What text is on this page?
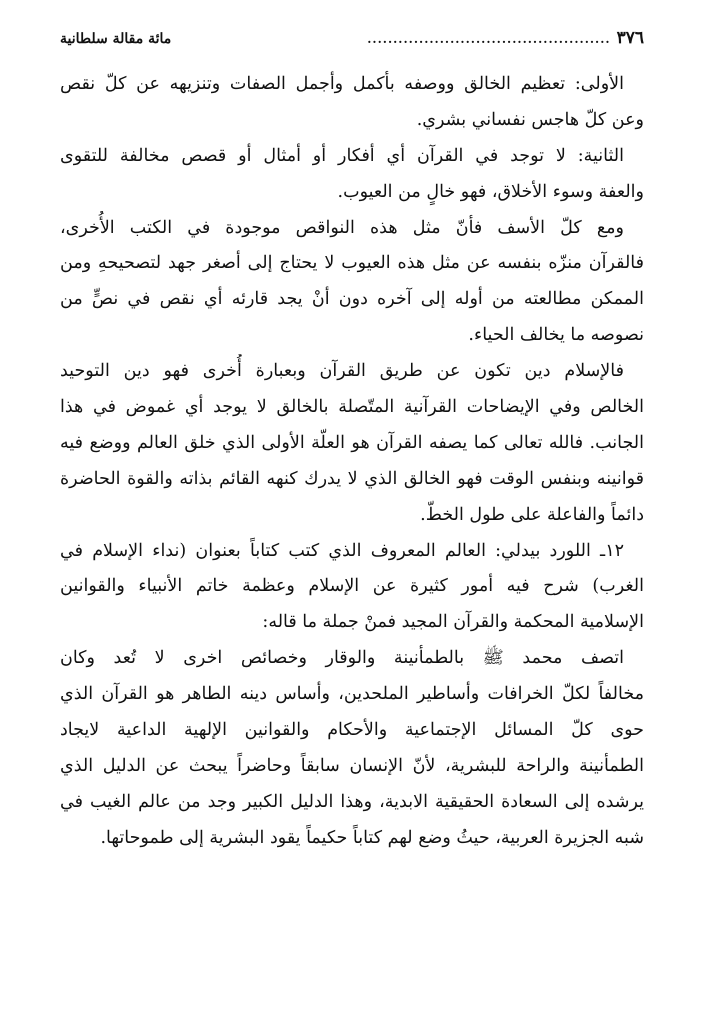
٣٧٦
...............................................
مائة مقالة سلطانية
الأولى: تعظيم الخالق ووصفه بأكمل وأجمل الصفات وتنزيهه عن كلّ نقص
وعن كلّ هاجس نفساني بشري.
الثانية: لا توجد في القرآن أي أفكار أو أمثال أو قصص مخالفة للتقوى
والعفة وسوء الأخلاق، فهو خالٍ من العيوب.
ومع كلّ الأسف فأنّ مثل هذه النواقص موجودة في الكتب الأُخرى،
فالقرآن منزّه بنفسه عن مثل هذه العيوب لا يحتاج إلى أصغر جهد لتصحيحهِ ومن
الممكن مطالعته من أوله إلى آخره دون أنْ يجد قارئه أي نقص في نصٍّ من
نصوصه ما يخالف الحياء.
فالإسلام دين تكون عن طريق القرآن وبعبارة أُخرى فهو دين التوحيد
الخالص وفي الإيضاحات القرآنية المتّصلة بالخالق لا يوجد أي غموض في هذا
الجانب. فالله تعالى كما يصفه القرآن هو العلّة الأولى الذي خلق العالم ووضع فيه
قوانينه وبنفس الوقت فهو الخالق الذي لا يدرك كنهه القائم بذاته والقوة الحاضرة
دائماً والفاعلة على طول الخطّ.
١٢ـ اللورد بيدلي: العالم المعروف الذي كتب كتاباً بعنوان (نداء الإسلام في
الغرب) شرح فيه أمور كثيرة عن الإسلام وعظمة خاتم الأنبياء والقوانين
الإسلامية المحكمة والقرآن المجيد فمنْ جملة ما قاله:
اتصف محمد ﷺ بالطمأنينة والوقار وخصائص اخرى لا تُعد وكان
مخالفاً لكلّ الخرافات وأساطير الملحدين، وأساس دينه الطاهر هو القرآن الذي
حوى كلّ المسائل الإجتماعية والأحكام والقوانين الإلهية الداعية لايجاد
الطمأنينة والراحة للبشرية، لأنّ الإنسان سابقاً وحاضراً يبحث عن الدليل الذي
يرشده إلى السعادة الحقيقية الابدية، وهذا الدليل الكبير وجد من عالم الغيب في
شبه الجزيرة العربية، حيثُ وضع لهم كتاباً حكيماً يقود البشرية إلى طموحاتها.
